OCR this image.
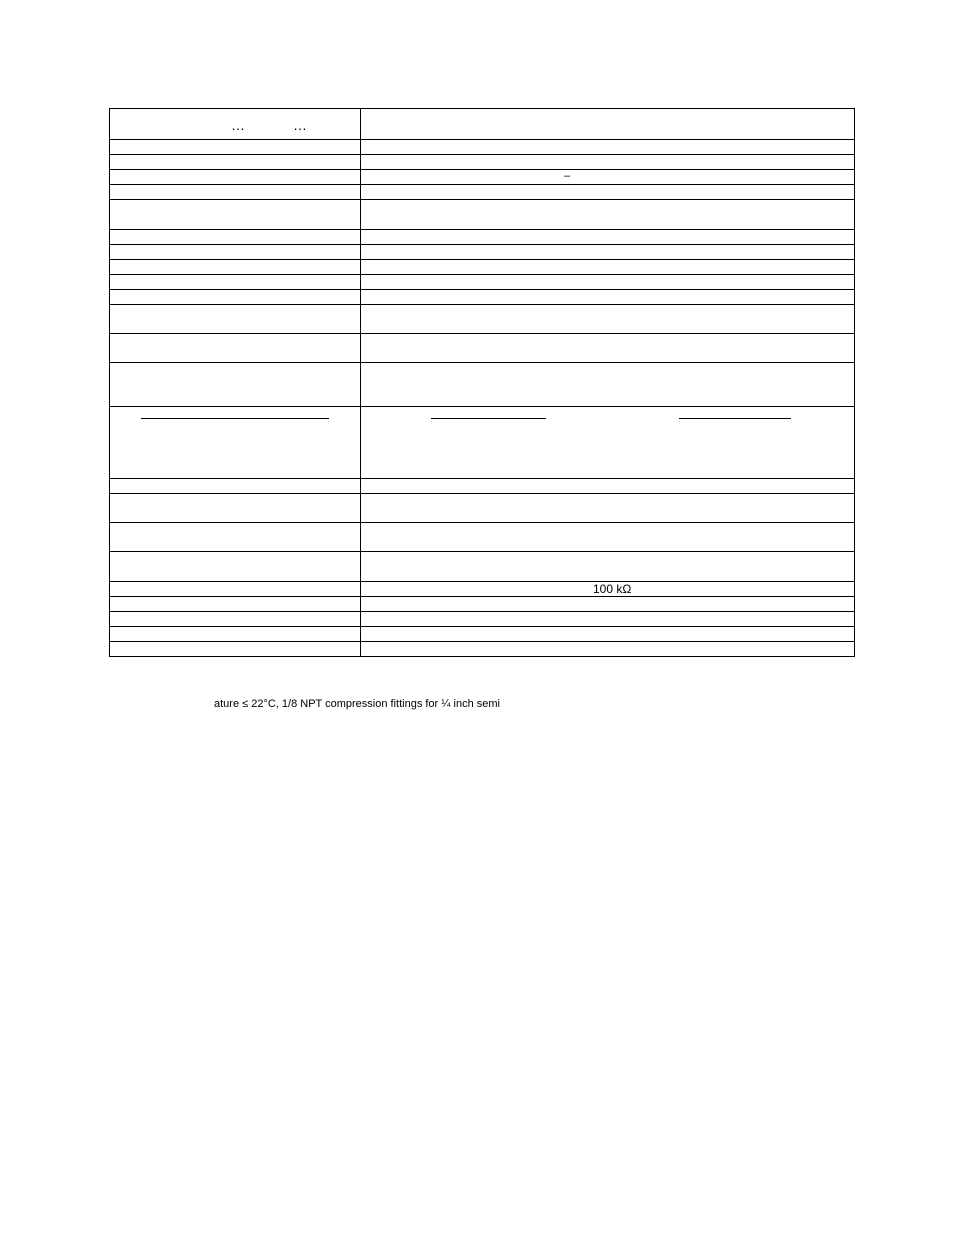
… …	

	–

	100 kΩ

ature ≤ 22°C, 1/8 NPT compression fittings for ¼ inch semi
